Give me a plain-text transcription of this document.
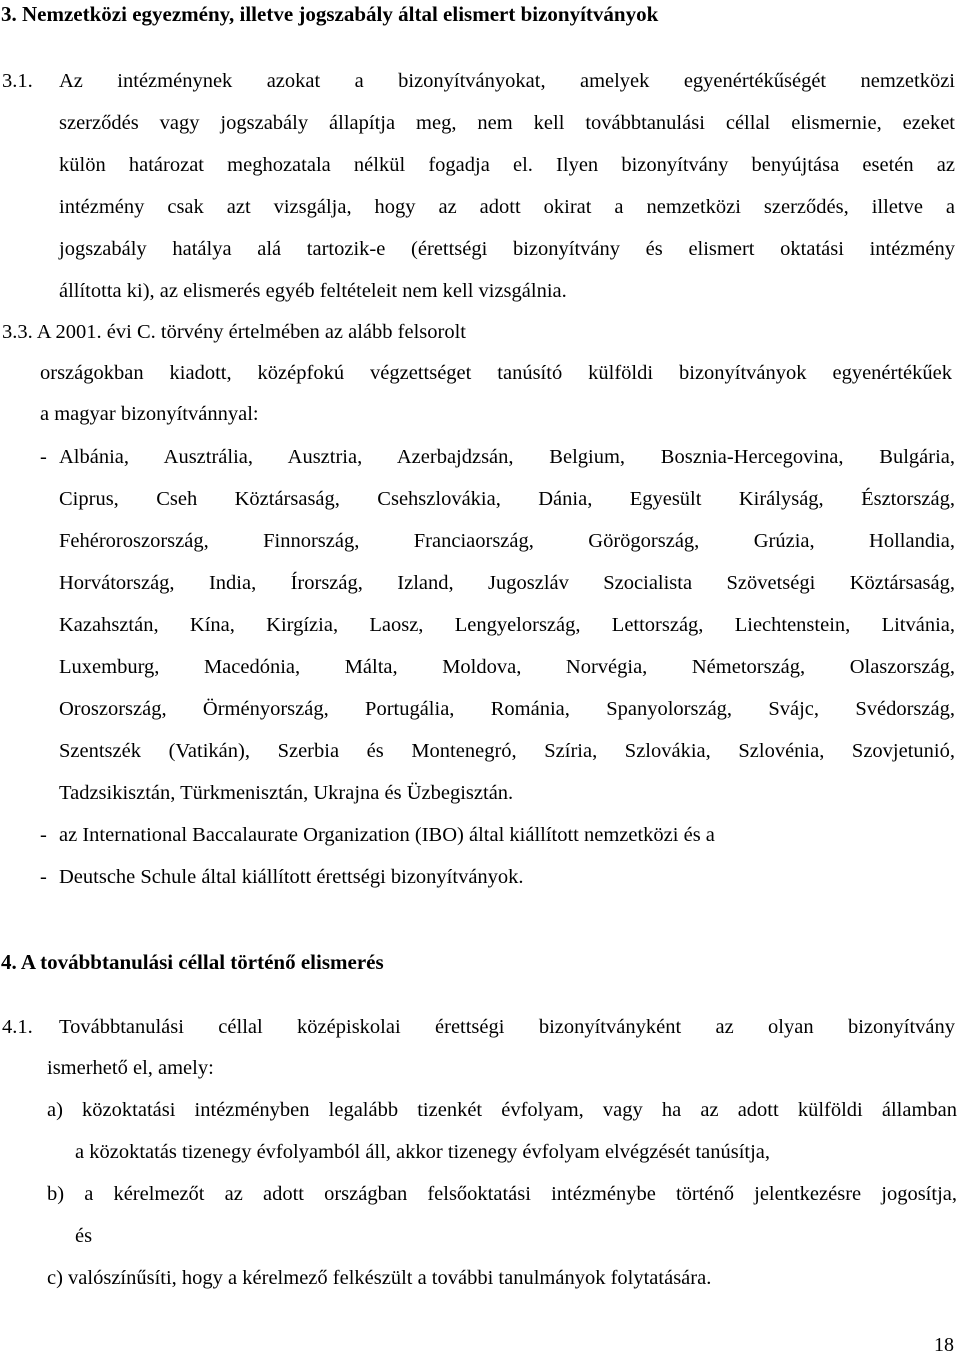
3. Nemzetközi egyezmény, illetve jogszabály által elismert bizonyítványok
3.1. Az intézménynek azokat a bizonyítványokat, amelyek egyenértékűségét nemzetközi
szerződés vagy jogszabály állapítja meg, nem kell továbbtanulási céllal elismernie, ezeket
külön határozat meghozatala nélkül fogadja el. Ilyen bizonyítvány benyújtása esetén az
intézmény csak azt vizsgálja, hogy az adott okirat a nemzetközi szerződés, illetve a
jogszabály hatálya alá tartozik-e (érettségi bizonyítvány és elismert oktatási intézmény
állította ki), az elismerés egyéb feltételeit nem kell vizsgálnia.
3.3. A 2001. évi C. törvény értelmében az alább felsorolt
országokban kiadott, középfokú végzettséget tanúsító külföldi bizonyítványok egyenértékűek
a magyar bizonyítvánnyal:
- Albánia, Ausztrália, Ausztria, Azerbajdzsán, Belgium, Bosznia-Hercegovina, Bulgária,
Ciprus, Cseh Köztársaság, Csehszlovákia, Dánia, Egyesült Királyság, Észtország,
Fehéroroszország, Finnország, Franciaország, Görögország, Grúzia, Hollandia,
Horvátország, India, Írország, Izland, Jugoszláv Szocialista Szövetségi Köztársaság,
Kazahsztán, Kína, Kirgízia, Laosz, Lengyelország, Lettország, Liechtenstein, Litvánia,
Luxemburg, Macedónia, Málta, Moldova, Norvégia, Németország, Olaszország,
Oroszország, Örményország, Portugália, Románia, Spanyolország, Svájc, Svédország,
Szentszék (Vatikán), Szerbia és Montenegró, Szíria, Szlovákia, Szlovénia, Szovjetunió,
Tadzsikisztán, Türkmenisztán, Ukrajna és Üzbegisztán.
- az International Baccalaurate Organization (IBO) által kiállított nemzetközi és a
- Deutsche Schule által kiállított érettségi bizonyítványok.
4. A továbbtanulási céllal történő elismerés
4.1. Továbbtanulási céllal középiskolai érettségi bizonyítványként az olyan bizonyítvány
ismerhető el, amely:
a) közoktatási intézményben legalább tizenkét évfolyam, vagy ha az adott külföldi államban
a közoktatás tizenegy évfolyamból áll, akkor tizenegy évfolyam elvégzését tanúsítja,
b) a kérelmezőt az adott országban felsőoktatási intézménybe történő jelentkezésre jogosítja,
és
c) valószínűsíti, hogy a kérelmező felkészült a további tanulmányok folytatására.
18
